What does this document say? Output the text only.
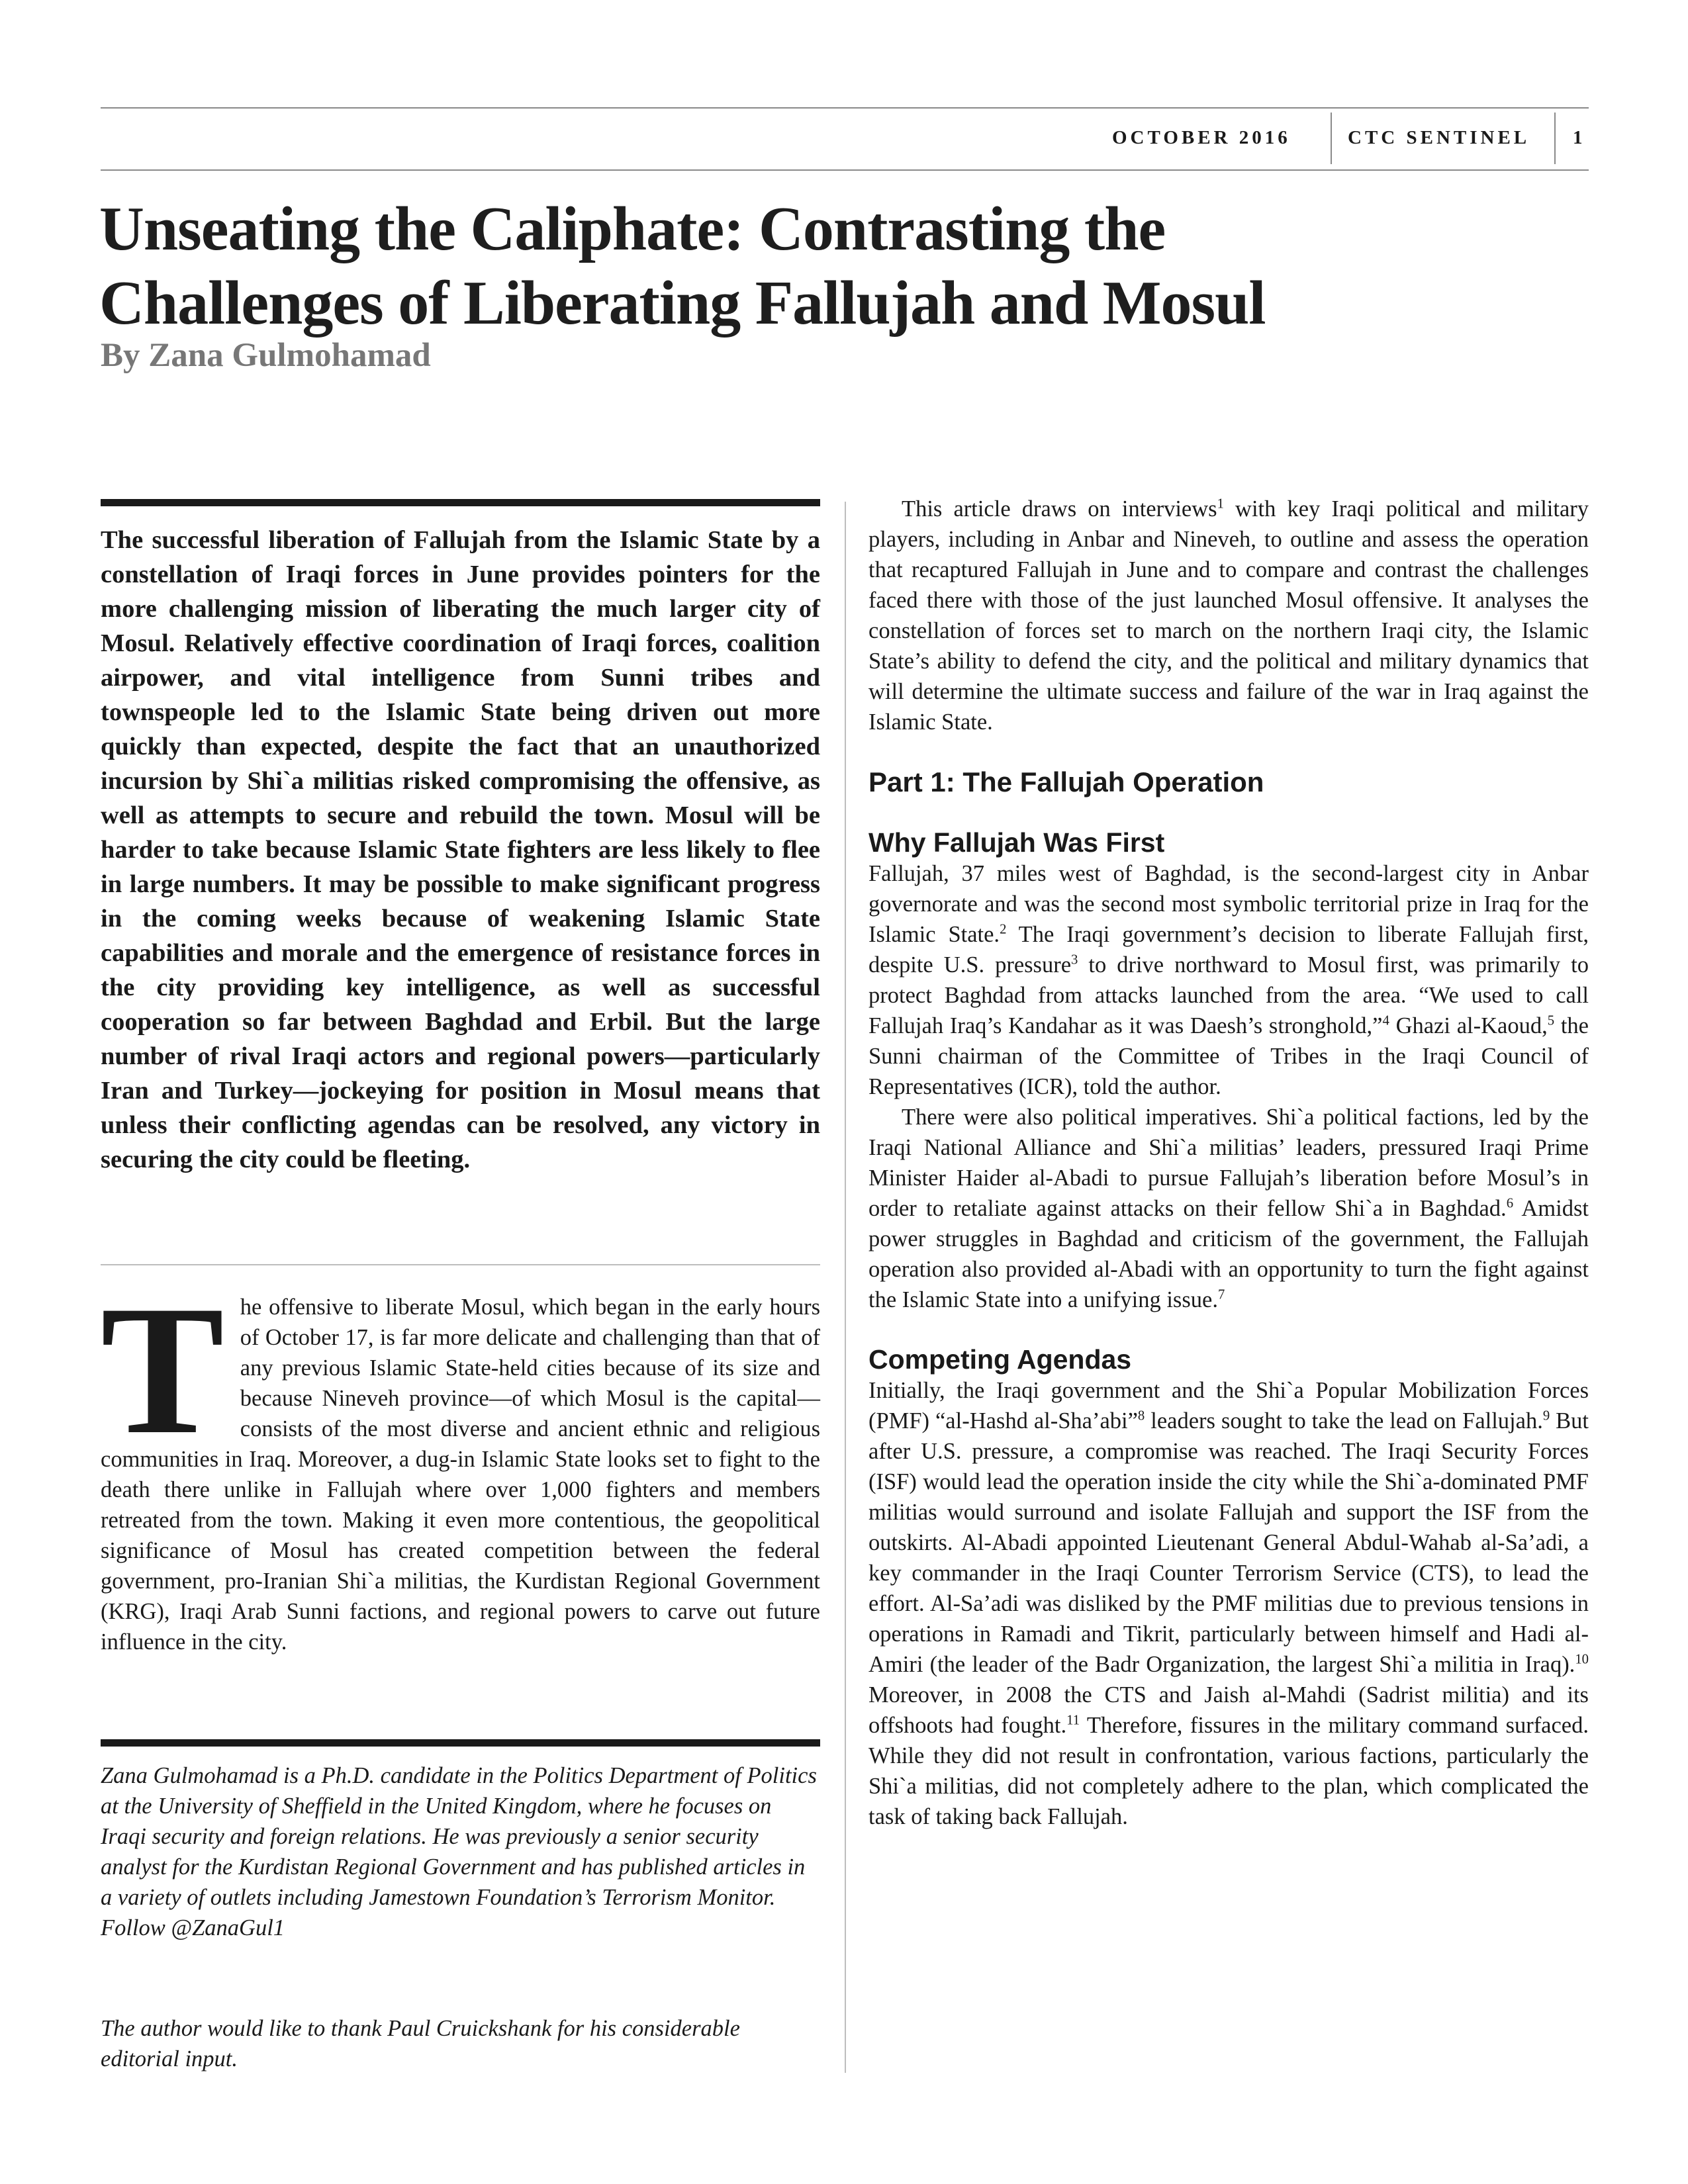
OCTOBER 2016	CTC SENTINEL 1
Unseating the Caliphate: Contrasting the
Challenges of Liberating Fallujah and Mosul
By Zana Gulmohamad

The successful liberation of Fallujah from the Islamic State by a constellation of Iraqi forces in June provides pointers for the more challenging mission of liberating the much larger city of Mosul. Relatively effective coordination of Iraqi forces, coalition airpower, and vital intelligence from Sunni tribes and townspeople led to the Islamic State being driven out more quickly than expected, despite the fact that an unauthorized incursion by Shi`a militias risked compromising the offensive, as well as attempts to secure and rebuild the town. Mosul will be harder to take because Islamic State fighters are less likely to flee in large numbers. It may be possible to make significant progress in the coming weeks because of weakening Islamic State capabilities and morale and the emergence of resistance forces in the city providing key intelligence, as well as successful cooperation so far between Baghdad and Erbil. But the large number of rival Iraqi actors and regional powers—particularly Iran and Turkey—jockeying for position in Mosul means that unless their conflicting agendas can be resolved, any victory in securing the city could be fleeting.

The offensive to liberate Mosul, which began in the early hours of October 17, is far more delicate and challenging than that of any previous Islamic State-held cities because of its size and because Nineveh province—of which Mosul is the capital—consists of the most diverse and ancient ethnic and religious communities in Iraq. Moreover, a dug-in Islamic State looks set to fight to the death there unlike in Fallujah where over 1,000 fighters and members retreated from the town. Making it even more contentious, the geopolitical significance of Mosul has created competition between the federal government, pro-Iranian Shi`a militias, the Kurdistan Regional Government (KRG), Iraqi Arab Sunni factions, and regional powers to carve out future influence in the city.

Zana Gulmohamad is a Ph.D. candidate in the Politics Department of Politics at the University of Sheffield in the United Kingdom, where he focuses on Iraqi security and foreign relations. He was previously a senior security analyst for the Kurdistan Regional Government and has published articles in a variety of outlets including Jamestown Foundation’s Terrorism Monitor. Follow @ZanaGul1

The author would like to thank Paul Cruickshank for his considerable editorial input.

This article draws on interviews$^1$ with key Iraqi political and military players, including in Anbar and Nineveh, to outline and assess the operation that recaptured Fallujah in June and to compare and contrast the challenges faced there with those of the just launched Mosul offensive. It analyses the constellation of forces set to march on the northern Iraqi city, the Islamic State’s ability to defend the city, and the political and military dynamics that will determine the ultimate success and failure of the war in Iraq against the Islamic State.

Part 1: The Fallujah Operation
Why Fallujah Was First

Fallujah, 37 miles west of Baghdad, is the second-largest city in Anbar governorate and was the second most symbolic territorial prize in Iraq for the Islamic State.$^2$ The Iraqi government’s decision to liberate Fallujah first, despite U.S. pressure$^3$ to drive northward to Mosul first, was primarily to protect Baghdad from attacks launched from the area. “We used to call Fallujah Iraq’s Kandahar as it was Daesh’s stronghold,”$^4$ Ghazi al-Kaoud,$^5$ the Sunni chairman of the Committee of Tribes in the Iraqi Council of Representatives (ICR), told the author.

There were also political imperatives. Shi`a political factions, led by the Iraqi National Alliance and Shi`a militias’ leaders, pressured Iraqi Prime Minister Haider al-Abadi to pursue Fallujah’s liberation before Mosul’s in order to retaliate against attacks on their fellow Shi`a in Baghdad.$^6$ Amidst power struggles in Baghdad and criticism of the government, the Fallujah operation also provided al-Abadi with an opportunity to turn the fight against the Islamic State into a unifying issue.$^7$

Competing Agendas

Initially, the Iraqi government and the Shi`a Popular Mobilization Forces (PMF) “al-Hashd al-Sha’abi”$^8$ leaders sought to take the lead on Fallujah.$^9$ But after U.S. pressure, a compromise was reached. The Iraqi Security Forces (ISF) would lead the operation inside the city while the Shi`a-dominated PMF militias would surround and isolate Fallujah and support the ISF from the outskirts. Al-Abadi appointed Lieutenant General Abdul-Wahab al-Sa’adi, a key commander in the Iraqi Counter Terrorism Service (CTS), to lead the effort. Al-Sa’adi was disliked by the PMF militias due to previous tensions in operations in Ramadi and Tikrit, particularly between himself and Hadi al-Amiri (the leader of the Badr Organization, the largest Shi`a militia in Iraq).$^{10}$ Moreover, in 2008 the CTS and Jaish al-Mahdi (Sadrist militia) and its offshoots had fought.$^{11}$ Therefore, fissures in the military command surfaced. While they did not result in confrontation, various factions, particularly the Shi`a militias, did not completely adhere to the plan, which complicated the task of taking back Fallujah.
